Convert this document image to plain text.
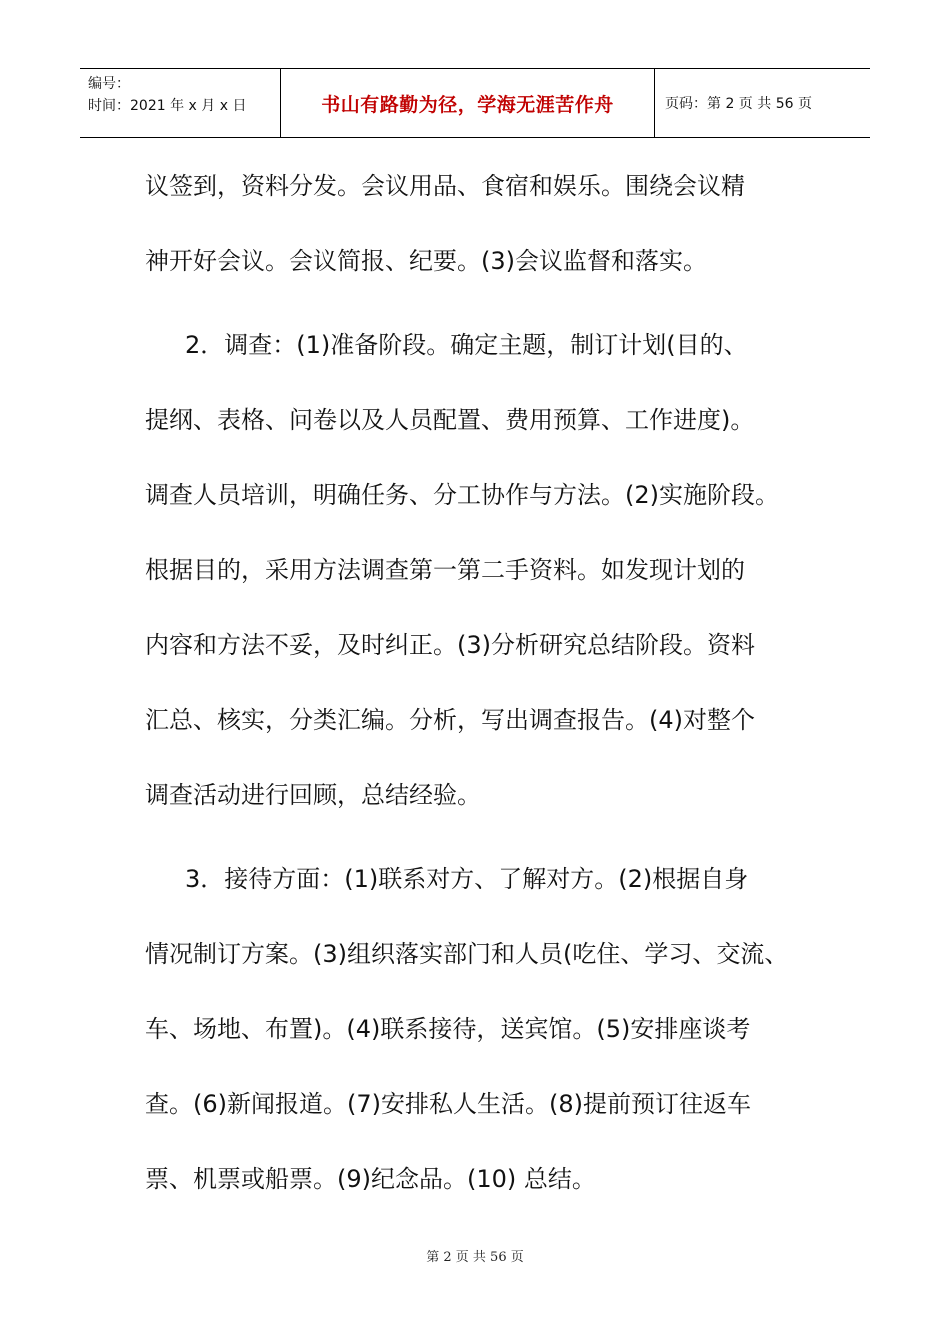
编号：
时间：2021 年 x 月 x 日	书山有路勤为径，学海无涯苦作舟	页码：第 2 页 共 56 页
议签到，资料分发。会议用品、食宿和娱乐。围绕会议精
神开好会议。会议简报、纪要。(3)会议监督和落实。
2．调查：(1)准备阶段。确定主题，制订计划(目的、
提纲、表格、问卷以及人员配置、费用预算、工作进度)。
调查人员培训，明确任务、分工协作与方法。(2)实施阶段。
根据目的，采用方法调查第一第二手资料。如发现计划的
内容和方法不妥，及时纠正。(3)分析研究总结阶段。资料
汇总、核实，分类汇编。分析，写出调查报告。(4)对整个
调查活动进行回顾，总结经验。
3．接待方面：(1)联系对方、了解对方。(2)根据自身
情况制订方案。(3)组织落实部门和人员(吃住、学习、交流、
车、场地、布置)。(4)联系接待，送宾馆。(5)安排座谈考
查。(6)新闻报道。(7)安排私人生活。(8)提前预订往返车
票、机票或船票。(9)纪念品。(10) 总结。
第 2 页 共 56 页
